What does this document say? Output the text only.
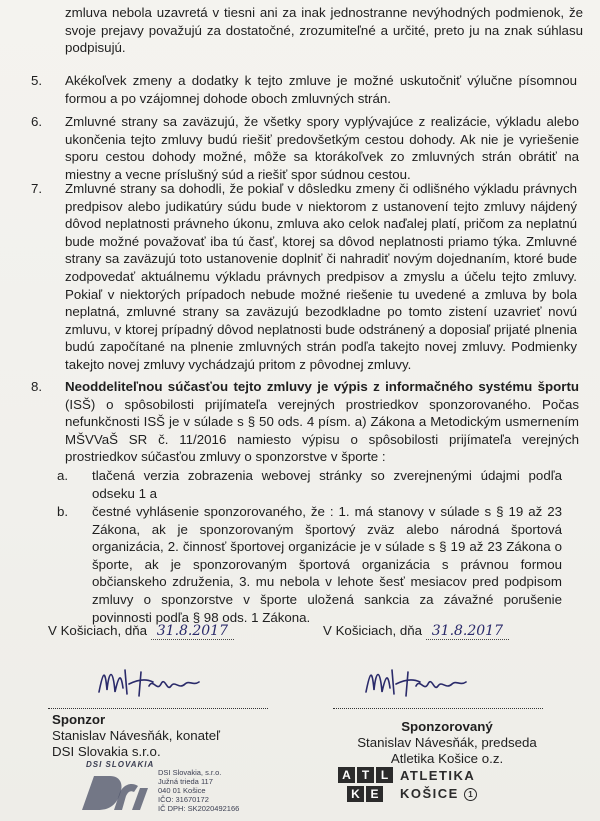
zmluva nebola uzavretá v tiesni ani za inak jednostranne nevýhodných podmienok, že svoje prejavy považujú za dostatočné, zrozumiteľné a určité, preto ju na znak súhlasu podpisujú.
5. Akékoľvek zmeny a dodatky k tejto zmluve je možné uskutočniť výlučne písomnou formou a po vzájomnej dohode oboch zmluvných strán.
6. Zmluvné strany sa zaväzujú, že všetky spory vyplývajúce z realizácie, výkladu alebo ukončenia tejto zmluvy budú riešiť predovšetkým cestou dohody. Ak nie je vyriešenie sporu cestou dohody možné, môže sa ktorákoľvek zo zmluvných strán obrátiť na miestny a vecne príslušný súd a riešiť spor súdnou cestou.
7. Zmluvné strany sa dohodli, že pokiaľ v dôsledku zmeny či odlišného výkladu právnych predpisov alebo judikatúry súdu bude v niektorom z ustanovení tejto zmluvy nájdený dôvod neplatnosti právneho úkonu, zmluva ako celok naďalej platí, pričom za neplatnú bude možné považovať iba tú časť, ktorej sa dôvod neplatnosti priamo týka. Zmluvné strany sa zaväzujú toto ustanovenie doplniť či nahradiť novým dojednaním, ktoré bude zodpovedať aktuálnemu výkladu právnych predpisov a zmyslu a účelu tejto zmluvy. Pokiaľ v niektorých prípadoch nebude možné riešenie tu uvedené a zmluva by bola neplatná, zmluvné strany sa zaväzujú bezodkladne po tomto zistení uzavrieť novú zmluvu, v ktorej prípadný dôvod neplatnosti bude odstránený a doposiaľ prijaté plnenia budú započítané na plnenie zmluvných strán podľa takejto novej zmluvy. Podmienky takejto novej zmluvy vychádzajú pritom z pôvodnej zmluvy.
8. Neoddeliteľnou súčasťou tejto zmluvy je výpis z informačného systému športu (ISŠ) o spôsobilosti prijímateľa verejných prostriedkov sponzorovaného. Počas nefunkčnosti ISŠ je v súlade s § 50 ods. 4 písm. a) Zákona a Metodickým usmernením MŠVVaŠ SR č. 11/2016 namiesto výpisu o spôsobilosti prijímateľa verejných prostriedkov súčasťou zmluvy o sponzorstve v športe :
a. tlačená verzia zobrazenia webovej stránky so zverejnenými údajmi podľa odseku 1 a
b. čestné vyhlásenie sponzorovaného, že : 1. má stanovy v súlade s § 19 až 23 Zákona, ak je sponzorovaným športový zväz alebo národná športová organizácia, 2. činnosť športovej organizácie je v súlade s § 19 až 23 Zákona o športe, ak je sponzorovaným športová organizácia s právnou formou občianskeho združenia, 3. mu nebola v lehote šesť mesiacov pred podpisom zmluvy o sponzorstve v športe uložená sankcia za závažné porušenie povinnosti podľa § 98 ods. 1 Zákona.
V Košiciach, dňa 31.8.2017	V Košiciach, dňa 31.8.2017
Sponzor
Stanislav Návesňák, konateľ
DSI Slovakia s.r.o.
Sponzorovaný
Stanislav Návesňák, predseda
Atletika Košice o.z.
DSI SLOVAKIA
DSI Slovakia, s.r.o.
Južná trieda 117
040 01 Košice
IČO: 31670172
IČ DPH: SK2020492166
A T L
K E
ATLETIKA
KOŠICE 1
